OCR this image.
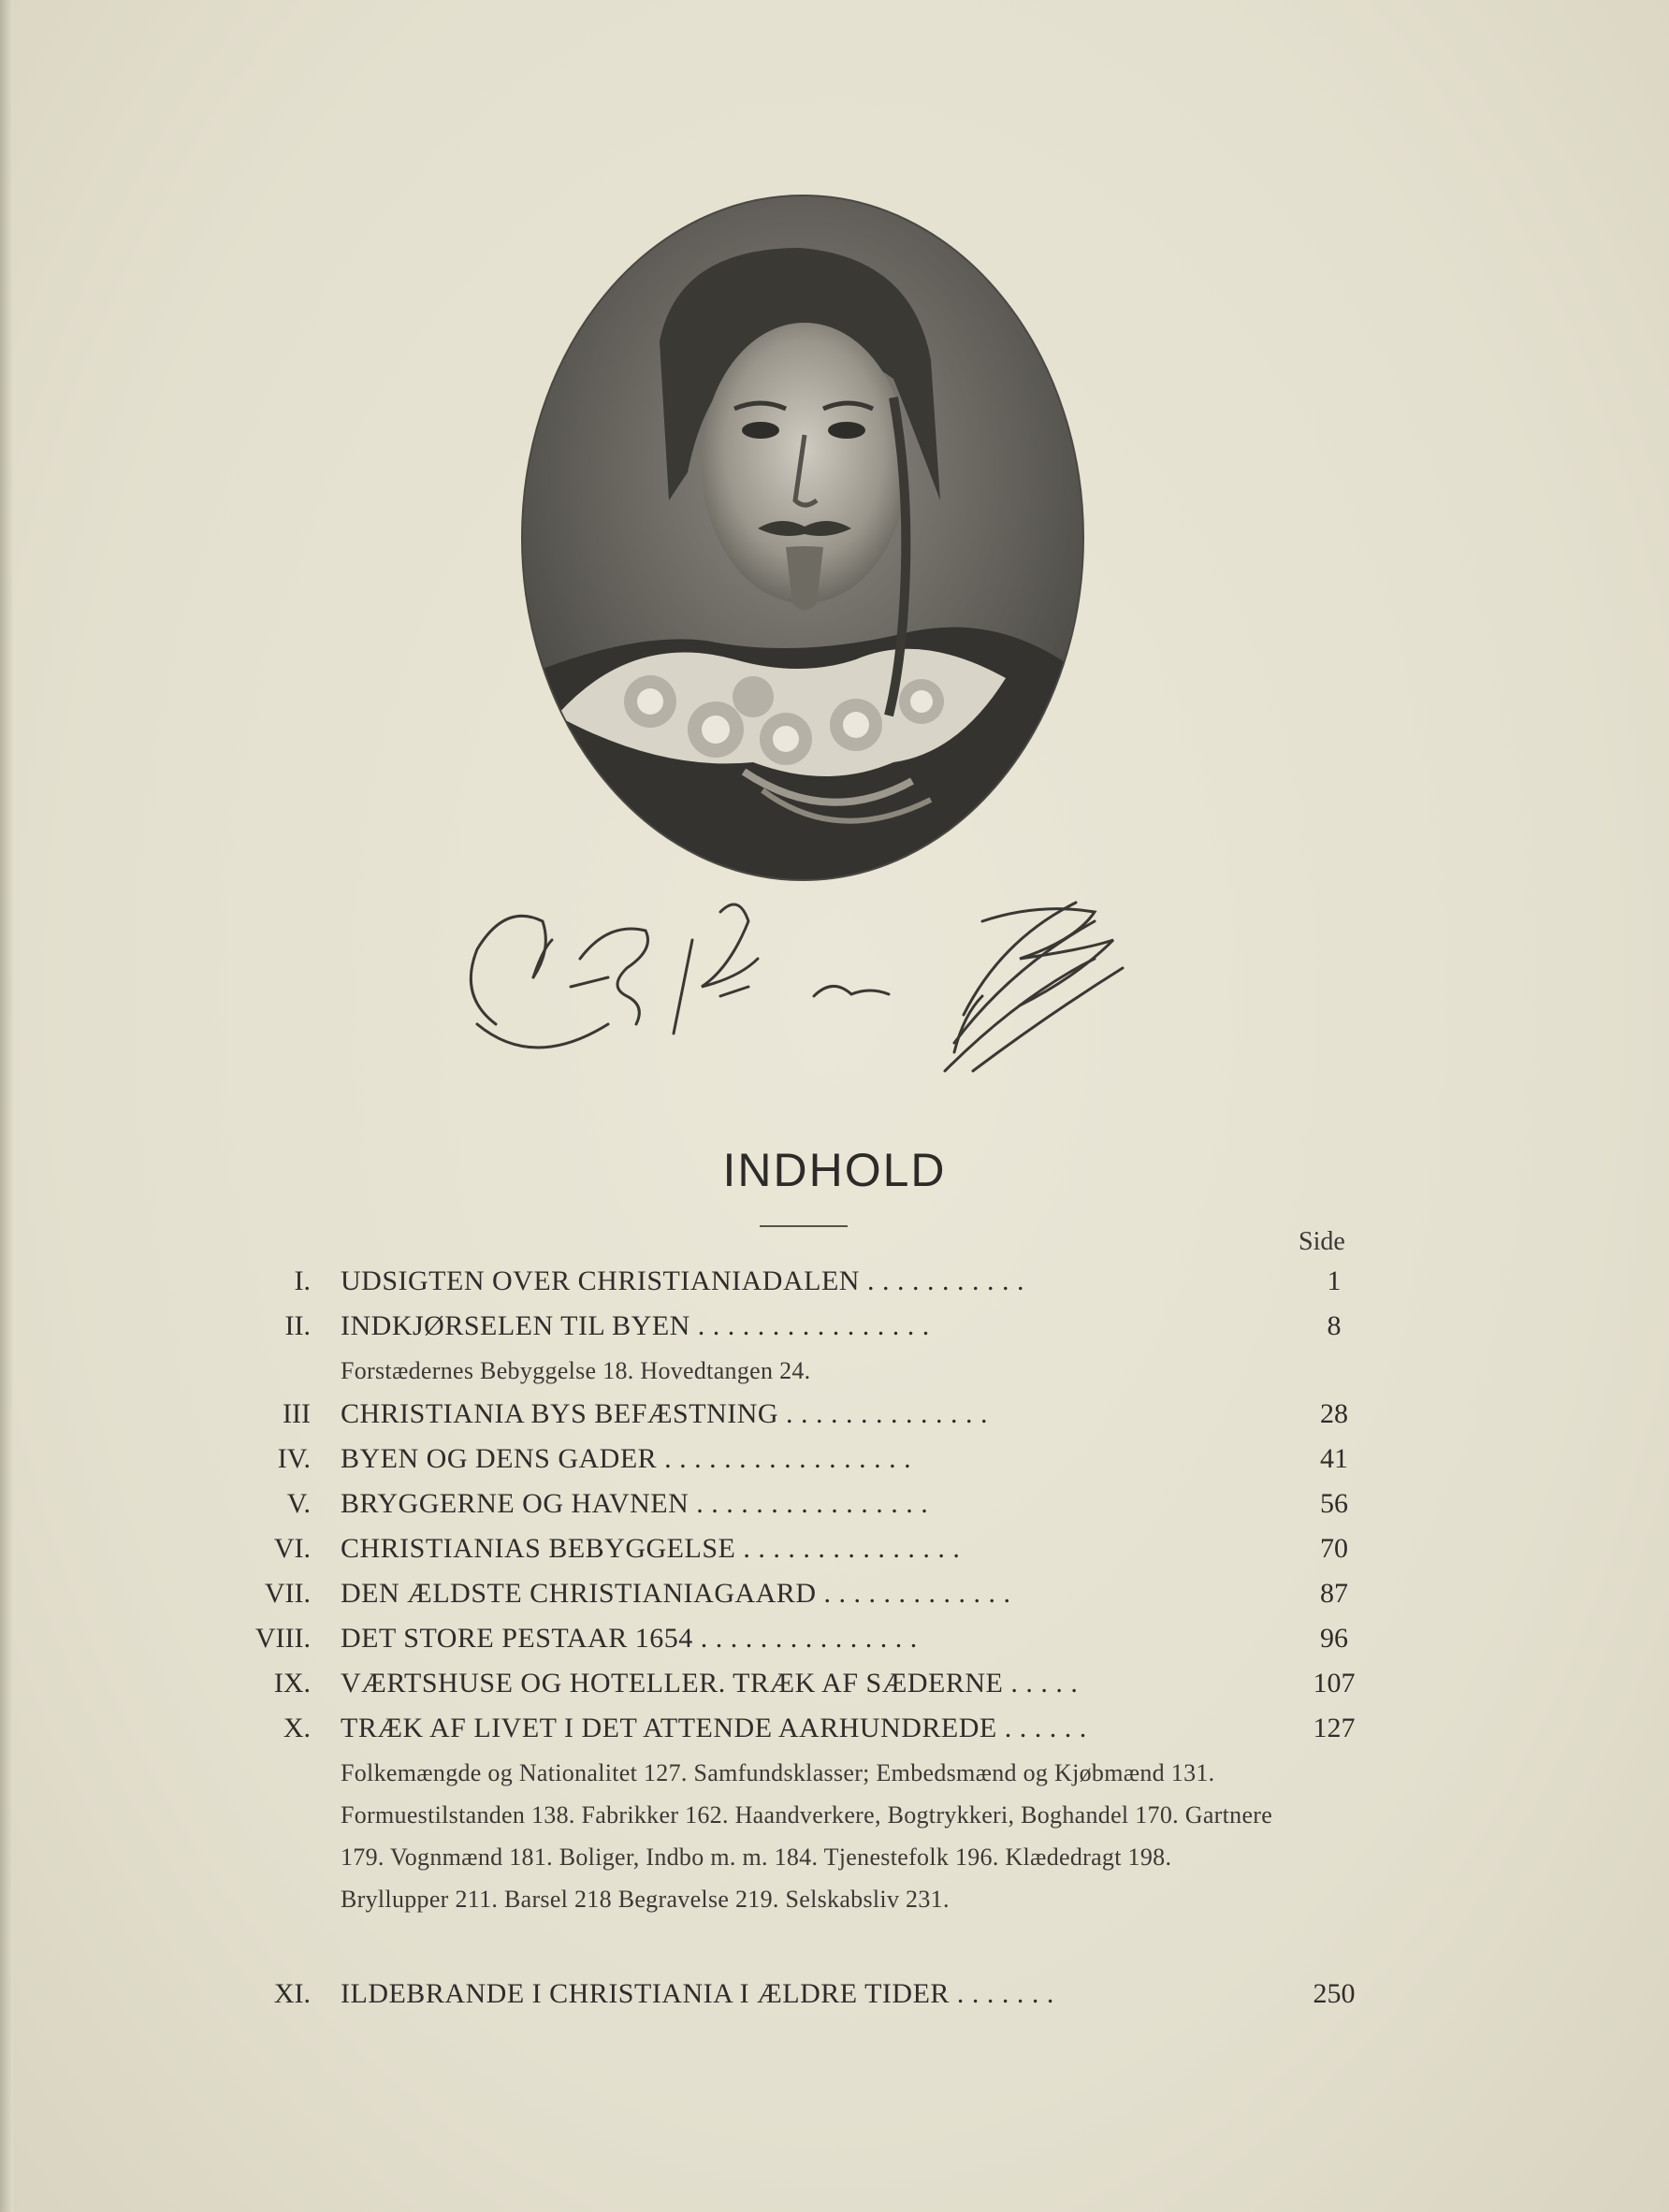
INDHOLD
Side
I. UDSIGTEN OVER CHRISTIANIADALEN . . . . . . . . . . .	1
II. INDKJØRSELEN TIL BYEN . . . . . . . . . . . . . . . .	8
Forstædernes Bebyggelse 18. Hovedtangen 24.
III CHRISTIANIA BYS BEFÆSTNING . . . . . . . . . . . . . .	28
IV. BYEN OG DENS GADER . . . . . . . . . . . . . . . . .	41
V. BRYGGERNE OG HAVNEN . . . . . . . . . . . . . . . .	56
VI. CHRISTIANIAS BEBYGGELSE . . . . . . . . . . . . . . .	70
VII. DEN ÆLDSTE CHRISTIANIAGAARD . . . . . . . . . . . . .	87
VIII. DET STORE PESTAAR 1654 . . . . . . . . . . . . . . .	96
IX. VÆRTSHUSE OG HOTELLER. TRÆK AF SÆDERNE . . . . .	107
X. TRÆK AF LIVET I DET ATTENDE AARHUNDREDE . . . . . .	127
Folkemængde og Nationalitet 127. Samfundsklasser; Embedsmænd og Kjøbmænd 131. Formuestilstanden 138. Fabrikker 162. Haandverkere, Bogtrykkeri, Boghandel 170. Gartnere 179. Vognmænd 181. Boliger, Indbo m. m. 184. Tjenestefolk 196. Klædedragt 198. Bryllupper 211. Barsel 218 Begravelse 219. Selskabsliv 231.
XI. ILDEBRANDE I CHRISTIANIA I ÆLDRE TIDER . . . . . . .	250
